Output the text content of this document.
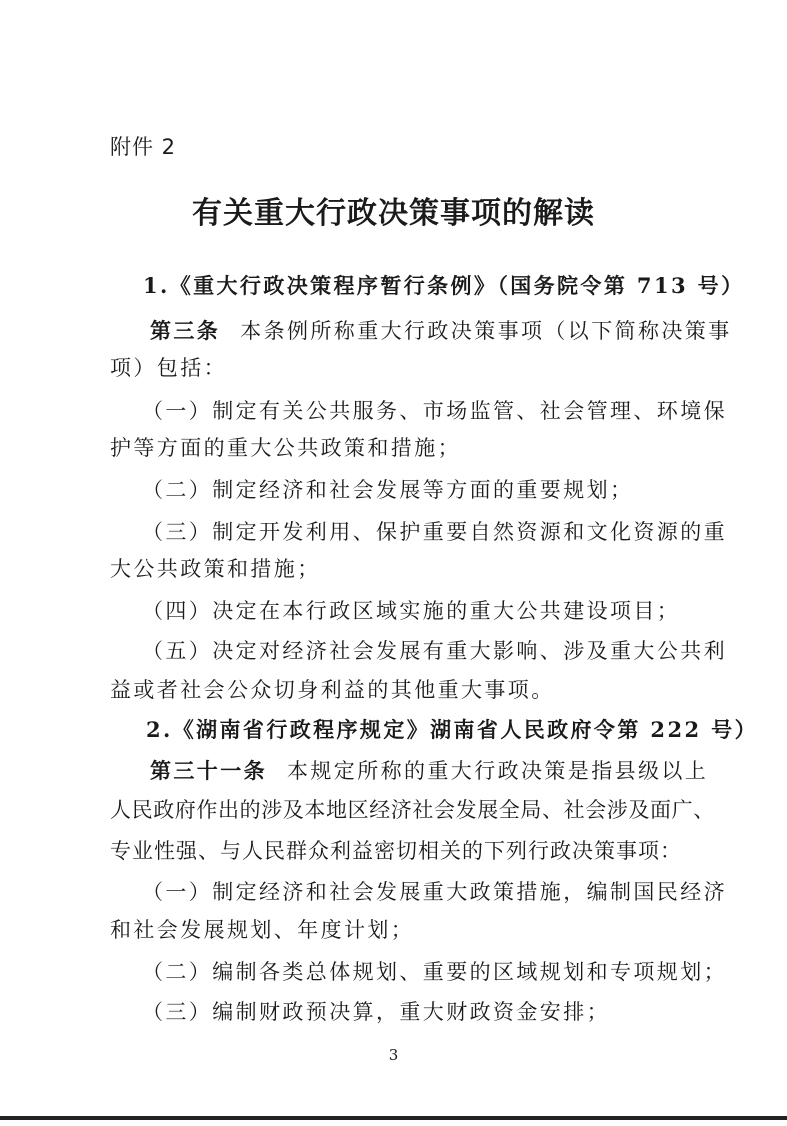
附件 2
有关重大行政决策事项的解读
1.《重大行政决策程序暂行条例》（国务院令第 713 号）
第三条 本条例所称重大行政决策事项（以下简称决策事
项）包括：
（一）制定有关公共服务、市场监管、社会管理、环境保
护等方面的重大公共政策和措施；
（二）制定经济和社会发展等方面的重要规划；
（三）制定开发利用、保护重要自然资源和文化资源的重
大公共政策和措施；
（四）决定在本行政区域实施的重大公共建设项目；
（五）决定对经济社会发展有重大影响、涉及重大公共利
益或者社会公众切身利益的其他重大事项。
2.《湖南省行政程序规定》湖南省人民政府令第 222 号）
第三十一条 本规定所称的重大行政决策是指县级以上
人民政府作出的涉及本地区经济社会发展全局、社会涉及面广、
专业性强、与人民群众利益密切相关的下列行政决策事项：
（一）制定经济和社会发展重大政策措施，编制国民经济
和社会发展规划、年度计划；
（二）编制各类总体规划、重要的区域规划和专项规划；
（三）编制财政预决算，重大财政资金安排；
3
